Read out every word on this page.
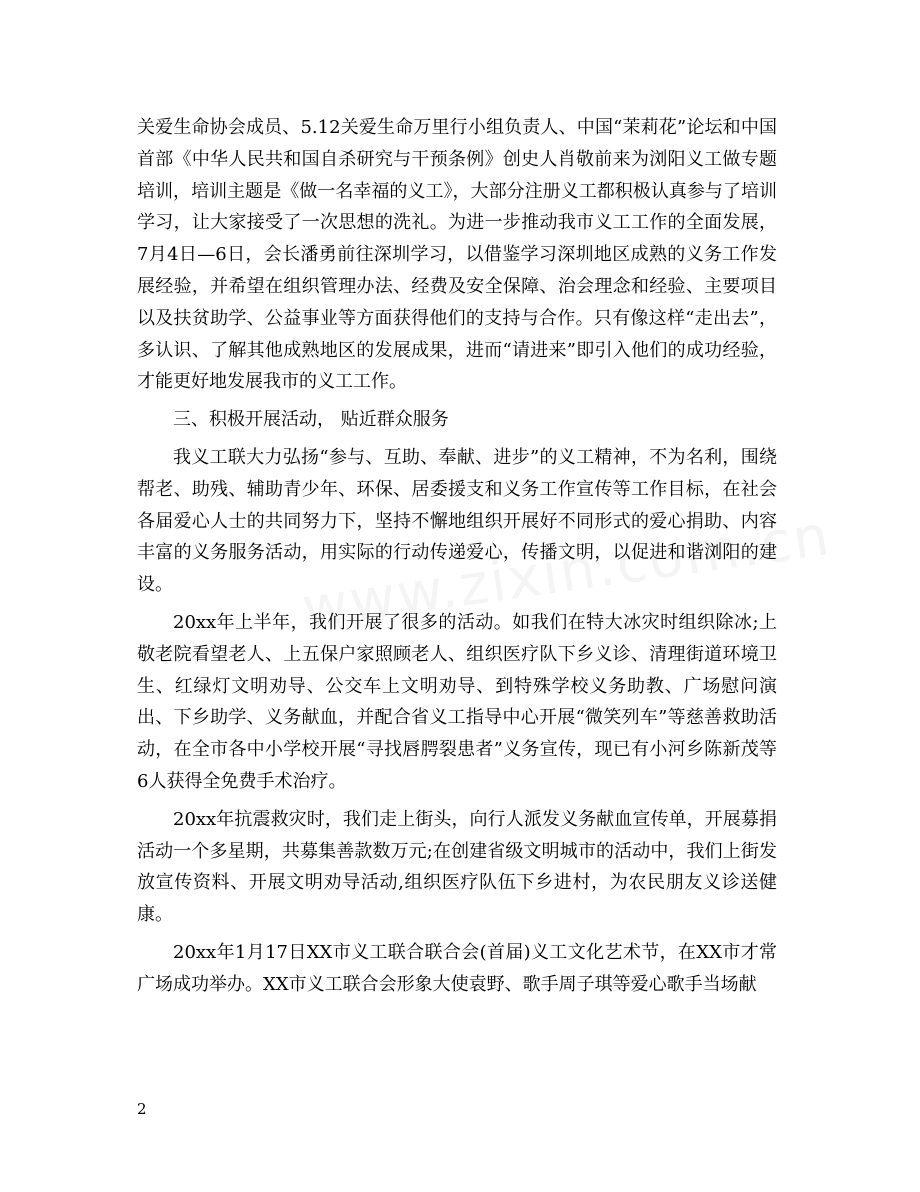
关爱生命协会成员、5.12关爱生命万里行小组负责人、中国“茉莉花”论坛和中国首部《中华人民共和国自杀研究与干预条例》创史人肖敬前来为浏阳义工做专题培训，培训主题是《做一名幸福的义工》，大部分注册义工都积极认真参与了培训学习，让大家接受了一次思想的洗礼。为进一步推动我市义工工作的全面发展，7月4日—6日，会长潘勇前往深圳学习，以借鉴学习深圳地区成熟的义务工作发展经验，并希望在组织管理办法、经费及安全保障、治会理念和经验、主要项目以及扶贫助学、公益事业等方面获得他们的支持与合作。只有像这样“走出去”，多认识、了解其他成熟地区的发展成果，进而“请进来”即引入他们的成功经验，才能更好地发展我市的义工工作。

三、积极开展活动， 贴近群众服务

我义工联大力弘扬“参与、互助、奉献、进步”的义工精神，不为名利，围绕帮老、助残、辅助青少年、环保、居委援支和义务工作宣传等工作目标，在社会各届爱心人士的共同努力下，坚持不懈地组织开展好不同形式的爱心捐助、内容丰富的义务服务活动，用实际的行动传递爱心，传播文明，以促进和谐浏阳的建设。

20xx年上半年，我们开展了很多的活动。如我们在特大冰灾时组织除冰;上敬老院看望老人、上五保户家照顾老人、组织医疗队下乡义诊、清理街道环境卫生、红绿灯文明劝导、公交车上文明劝导、到特殊学校义务助教、广场慰问演出、下乡助学、义务献血，并配合省义工指导中心开展“微笑列车”等慈善救助活动，在全市各中小学校开展“寻找唇腭裂患者”义务宣传，现已有小河乡陈新茂等6人获得全免费手术治疗。

20xx年抗震救灾时，我们走上街头，向行人派发义务献血宣传单，开展募捐活动一个多星期，共募集善款数万元;在创建省级文明城市的活动中，我们上街发放宣传资料、开展文明劝导活动,组织医疗队伍下乡进村，为农民朋友义诊送健康。

20xx年1月17日XX市义工联合联合会(首届)义工文化艺术节，在XX市才常广场成功举办。XX市义工联合会形象大使袁野、歌手周子琪等爱心歌手当场献

2
